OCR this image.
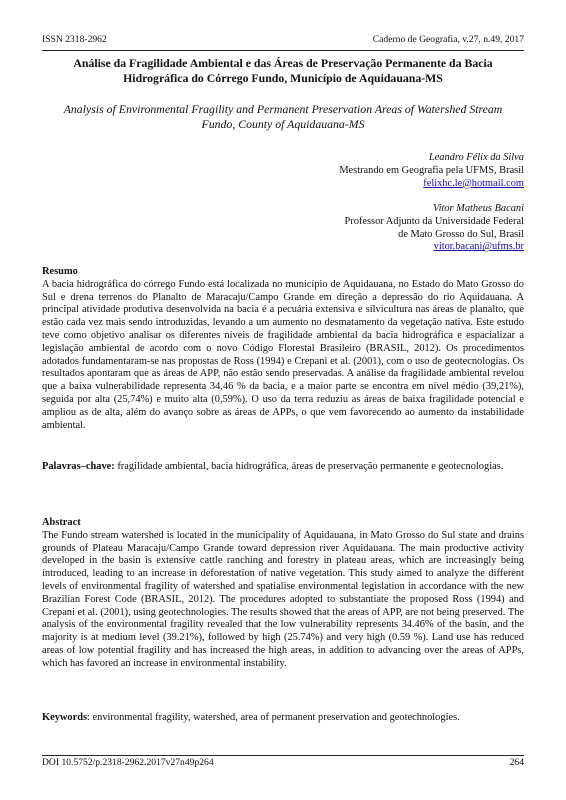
ISSN 2318-2962	Caderno de Geografia, v.27, n.49, 2017
Análise da Fragilidade Ambiental e das Áreas de Preservação Permanente da Bacia Hidrográfica do Córrego Fundo, Município de Aquidauana-MS
Analysis of Environmental Fragility and Permanent Preservation Areas of Watershed Stream Fundo, County of Aquidauana-MS
Leandro Félix da Silva
Mestrando em Geografia pela UFMS, Brasil
felixhc.le@hotmail.com
Vitor Matheus Bacani
Professor Adjunto da Universidade Federal
de Mato Grosso do Sul, Brasil
vitor.bacani@ufms.br
Resumo

A bacia hidrográfica do córrego Fundo está localizada no município de Aquidauana, no Estado do Mato Grosso do Sul e drena terrenos do Planalto de Maracaju/Campo Grande em direção a depressão do rio Aquidauana. A principal atividade produtiva desenvolvida na bacia é a pecuária extensiva e silvicultura nas áreas de planalto, que estão cada vez mais sendo introduzidas, levando a um aumento no desmatamento da vegetação nativa. Este estudo teve como objetivo analisar os diferentes níveis de fragilidade ambiental da bacia hidrográfica e espacializar a legislação ambiental de acordo com o novo Código Florestal Brasileiro (BRASIL, 2012). Os procedimentos adotados fundamentaram-se nas propostas de Ross (1994) e Crepani et al. (2001), com o uso de geotecnologias. Os resultados apontaram que as áreas de APP, não estão sendo preservadas. A análise da fragilidade ambiental revelou que a baixa vulnerabilidade representa 34,46 % da bacia, e a maior parte se encontra em nível médio (39,21%), seguida por alta (25,74%) e muito alta (0,59%). O uso da terra reduziu as áreas de baixa fragilidade potencial e ampliou as de alta, além do avanço sobre as áreas de APPs, o que vem favorecendo ao aumento da instabilidade ambiental.

Palavras–chave: fragilidade ambiental, bacia hidrográfica, áreas de preservação permanente e geotecnologias.

Abstract

The Fundo stream watershed is located in the municipality of Aquidauana, in Mato Grosso do Sul state and drains grounds of Plateau Maracaju/Campo Grande toward depression river Aquidauana. The main productive activity developed in the basin is extensive cattle ranching and forestry in plateau areas, which are increasingly being introduced, leading to an increase in deforestation of native vegetation. This study aimed to analyze the different levels of environmental fragility of watershed and spatialise environmental legislation in accordance with the new Brazilian Forest Code (BRASIL, 2012). The procedures adopted to substantiate the proposed Ross (1994) and Crepani et al. (2001), using geotechnologies. The results showed that the areas of APP, are not being preserved. The analysis of the environmental fragility revealed that the low vulnerability represents 34.46% of the basin, and the majority is at medium level (39.21%), followed by high (25.74%) and very high (0.59 %). Land use has reduced areas of low potential fragility and has increased the high areas, in addition to advancing over the areas of APPs, which has favored an increase in environmental instability.

Keywords: environmental fragility, watershed, area of permanent preservation and geotechnologies.

DOI 10.5752/p.2318-2962.2017v27n49p264	264
